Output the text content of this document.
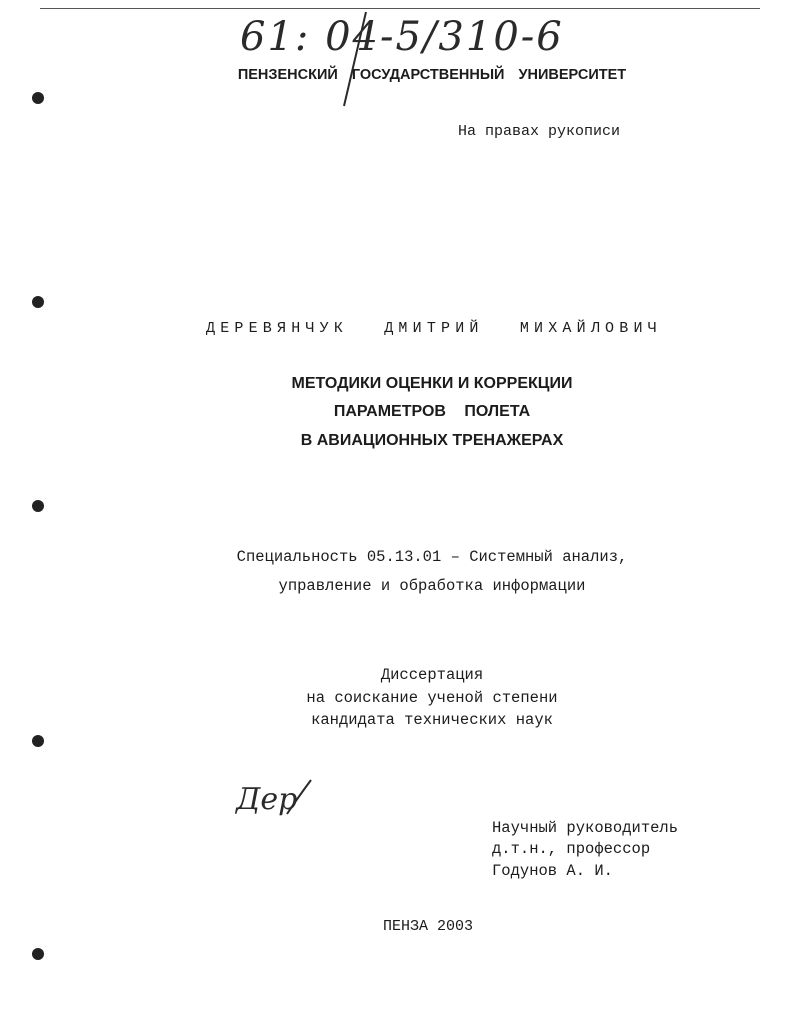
61: 04-5/310-6
ПЕНЗЕНСКИЙ ГОСУДАРСТВЕННЫЙ УНИВЕРСИТЕТ
На правах рукописи
ДЕРЕВЯНЧУК ДМИТРИЙ МИХАЙЛОВИЧ
МЕТОДИКИ ОЦЕНКИ И КОРРЕКЦИИ
ПАРАМЕТРОВ ПОЛЕТА
В АВИАЦИОННЫХ ТРЕНАЖЕРАХ
Специальность 05.13.01 – Системный анализ,
управление и обработка информации
Диссертация
на соискание ученой степени
кандидата технических наук
Дер
Научный руководитель
д.т.н., профессор
Годунов А. И.
ПЕНЗА 2003
